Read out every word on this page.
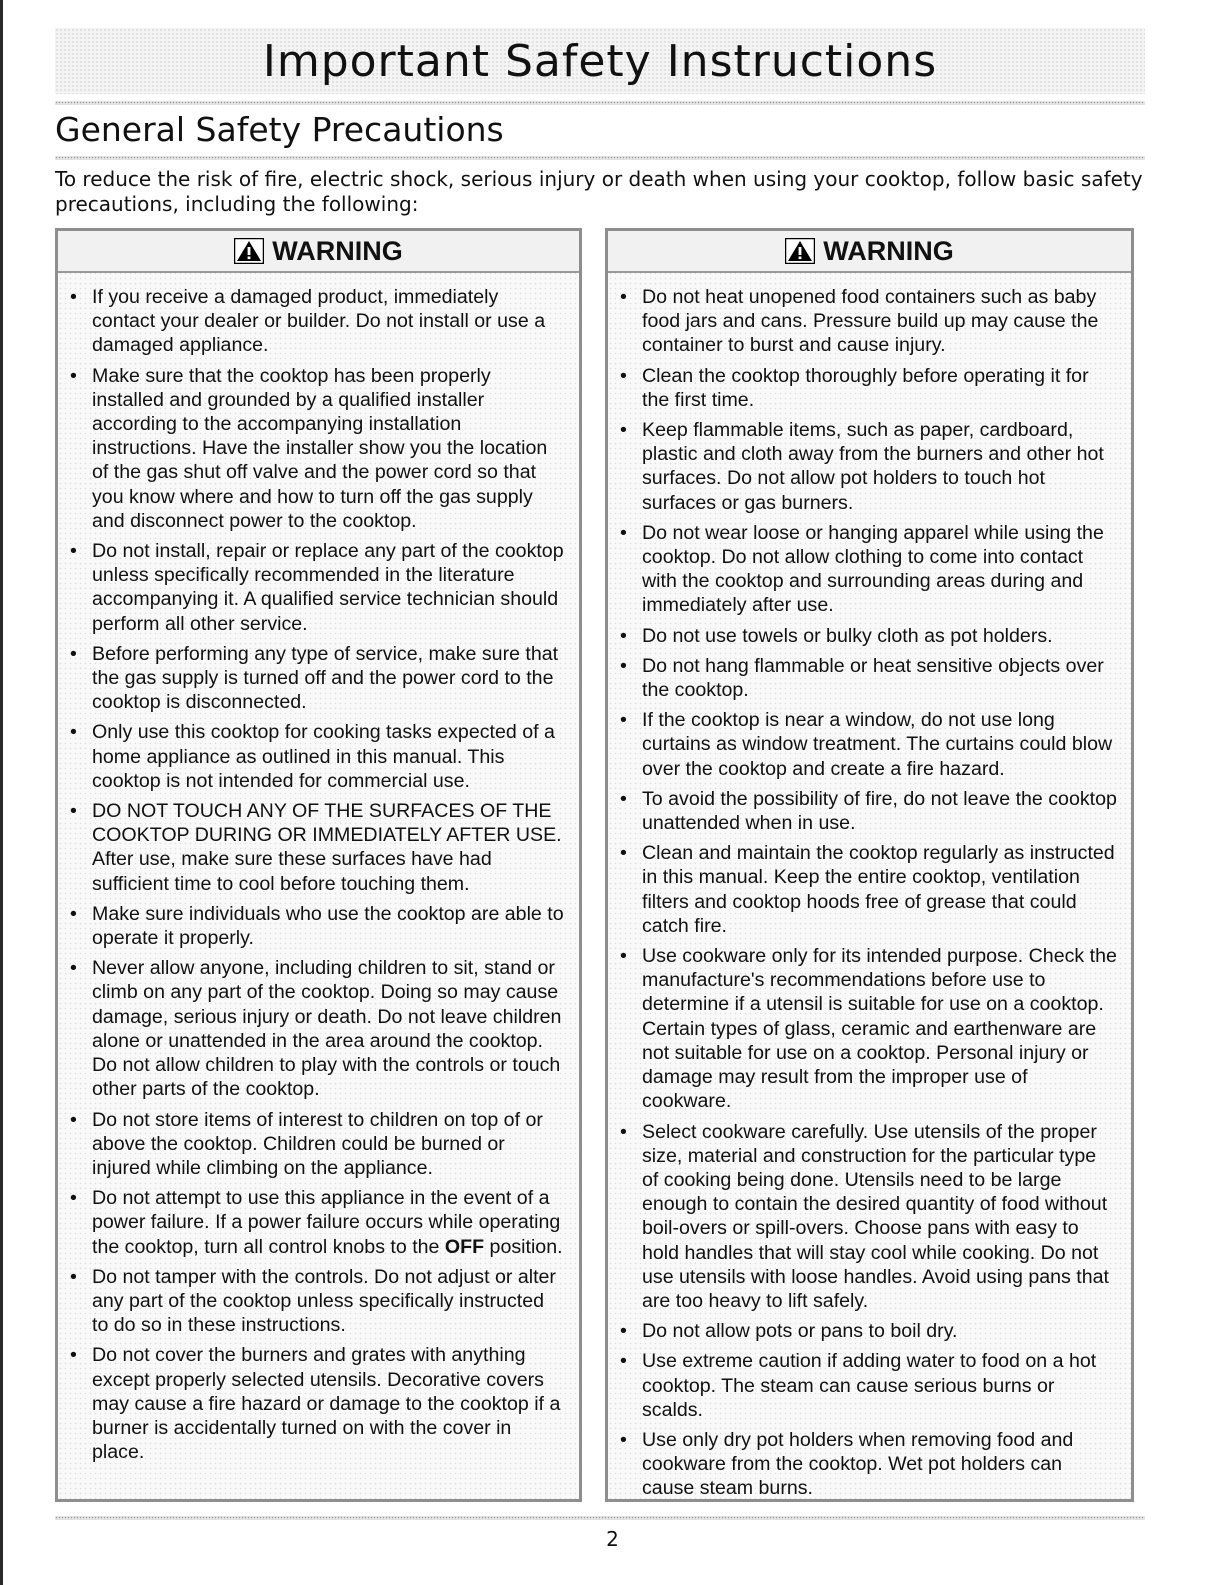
Important Safety Instructions
General Safety Precautions

To reduce the risk of fire, electric shock, serious injury or death when using your cooktop, follow basic safety precautions, including the following:

WARNING
• If you receive a damaged product, immediately contact your dealer or builder. Do not install or use a damaged appliance.
• Make sure that the cooktop has been properly installed and grounded by a qualified installer according to the accompanying installation instructions. Have the installer show you the location of the gas shut off valve and the power cord so that you know where and how to turn off the gas supply and disconnect power to the cooktop.
• Do not install, repair or replace any part of the cooktop unless specifically recommended in the literature accompanying it. A qualified service technician should perform all other service.
• Before performing any type of service, make sure that the gas supply is turned off and the power cord to the cooktop is disconnected.
• Only use this cooktop for cooking tasks expected of a home appliance as outlined in this manual. This cooktop is not intended for commercial use.
• DO NOT TOUCH ANY OF THE SURFACES OF THE COOKTOP DURING OR IMMEDIATELY AFTER USE. After use, make sure these surfaces have had sufficient time to cool before touching them.
• Make sure individuals who use the cooktop are able to operate it properly.
• Never allow anyone, including children to sit, stand or climb on any part of the cooktop. Doing so may cause damage, serious injury or death. Do not leave children alone or unattended in the area around the cooktop. Do not allow children to play with the controls or touch other parts of the cooktop.
• Do not store items of interest to children on top of or above the cooktop. Children could be burned or injured while climbing on the appliance.
• Do not attempt to use this appliance in the event of a power failure. If a power failure occurs while operating the cooktop, turn all control knobs to the OFF position.
• Do not tamper with the controls. Do not adjust or alter any part of the cooktop unless specifically instructed to do so in these instructions.
• Do not cover the burners and grates with anything except properly selected utensils. Decorative covers may cause a fire hazard or damage to the cooktop if a burner is accidentally turned on with the cover in place.
WARNING
• Do not heat unopened food containers such as baby food jars and cans. Pressure build up may cause the container to burst and cause injury.
• Clean the cooktop thoroughly before operating it for the first time.
• Keep flammable items, such as paper, cardboard, plastic and cloth away from the burners and other hot surfaces. Do not allow pot holders to touch hot surfaces or gas burners.
• Do not wear loose or hanging apparel while using the cooktop. Do not allow clothing to come into contact with the cooktop and surrounding areas during and immediately after use.
• Do not use towels or bulky cloth as pot holders.
• Do not hang flammable or heat sensitive objects over the cooktop.
• If the cooktop is near a window, do not use long curtains as window treatment. The curtains could blow over the cooktop and create a fire hazard.
• To avoid the possibility of fire, do not leave the cooktop unattended when in use.
• Clean and maintain the cooktop regularly as instructed in this manual. Keep the entire cooktop, ventilation filters and cooktop hoods free of grease that could catch fire.
• Use cookware only for its intended purpose. Check the manufacture's recommendations before use to determine if a utensil is suitable for use on a cooktop. Certain types of glass, ceramic and earthenware are not suitable for use on a cooktop. Personal injury or damage may result from the improper use of cookware.
• Select cookware carefully. Use utensils of the proper size, material and construction for the particular type of cooking being done. Utensils need to be large enough to contain the desired quantity of food without boil-overs or spill-overs. Choose pans with easy to hold handles that will stay cool while cooking. Do not use utensils with loose handles. Avoid using pans that are too heavy to lift safely.
• Do not allow pots or pans to boil dry.
• Use extreme caution if adding water to food on a hot cooktop. The steam can cause serious burns or scalds.
• Use only dry pot holders when removing food and cookware from the cooktop. Wet pot holders can cause steam burns.
2
